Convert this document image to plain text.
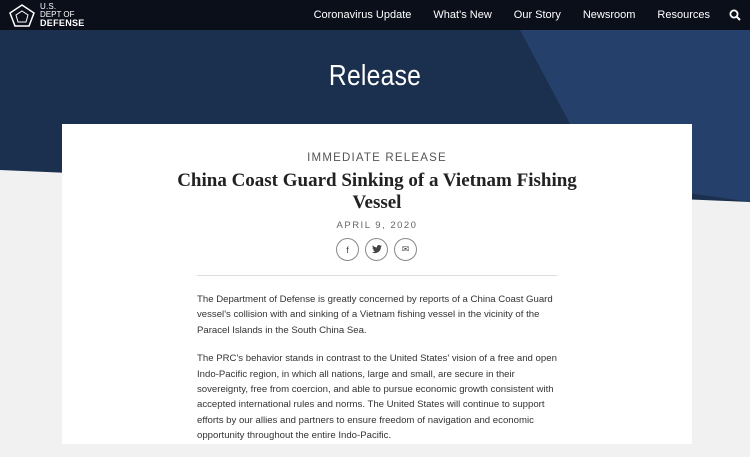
U.S.
DEPT OF
DEFENSE
Coronavirus Update What's New Our Story Newsroom Resources
Release
IMMEDIATE RELEASE
China Coast Guard Sinking of a Vietnam Fishing Vessel
APRIL 9, 2020
f	✉

The Department of Defense is greatly concerned by reports of a China Coast Guard vessel's collision with and sinking of a Vietnam fishing vessel in the vicinity of the Paracel Islands in the South China Sea.

The PRC's behavior stands in contrast to the United States' vision of a free and open Indo-Pacific region, in which all nations, large and small, are secure in their sovereignty, free from coercion, and able to pursue economic growth consistent with accepted international rules and norms. The United States will continue to support efforts by our allies and partners to ensure freedom of navigation and economic opportunity throughout the entire Indo-Pacific.
